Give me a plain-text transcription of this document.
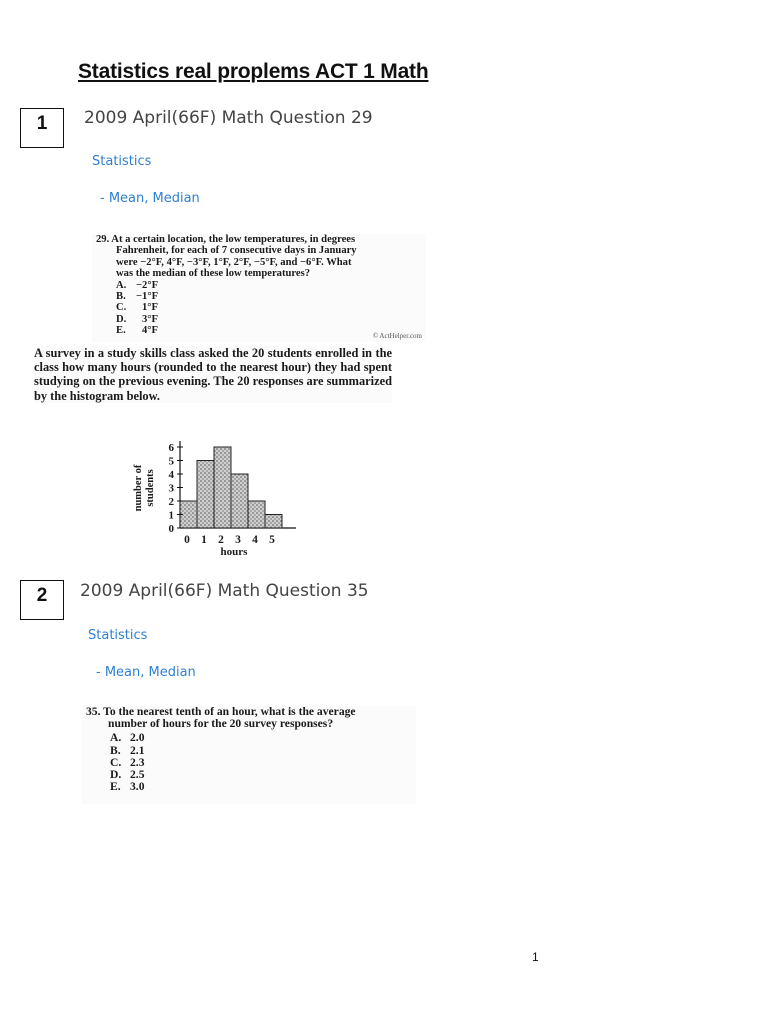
Statistics real proplems ACT 1 Math
1	2009 April(66F) Math Question 29
Statistics
- Mean, Median
29. At a certain location, the low temperatures, in degrees
Fahrenheit, for each of 7 consecutive days in January
were −2°F, 4°F, −3°F, 1°F, 2°F, −5°F, and −6°F. What
was the median of these low temperatures?
A. −2°F
B. −1°F
C.	1°F
D.	3°F
E.	4°F	© ActHelper.com
A survey in a study skills class asked the 20 students enrolled in the class how many hours (rounded to the nearest hour) they had spent studying on the previous evening. The 20 responses are summarized by the histogram below.
number of students
0
1
2
3
4
5
6
0 1 2 3 4 5
hours
2	2009 April(66F) Math Question 35
Statistics
- Mean, Median
35. To the nearest tenth of an hour, what is the average
number of hours for the 20 survey responses?
A. 2.0
B. 2.1
C. 2.3
D. 2.5
E. 3.0
1
